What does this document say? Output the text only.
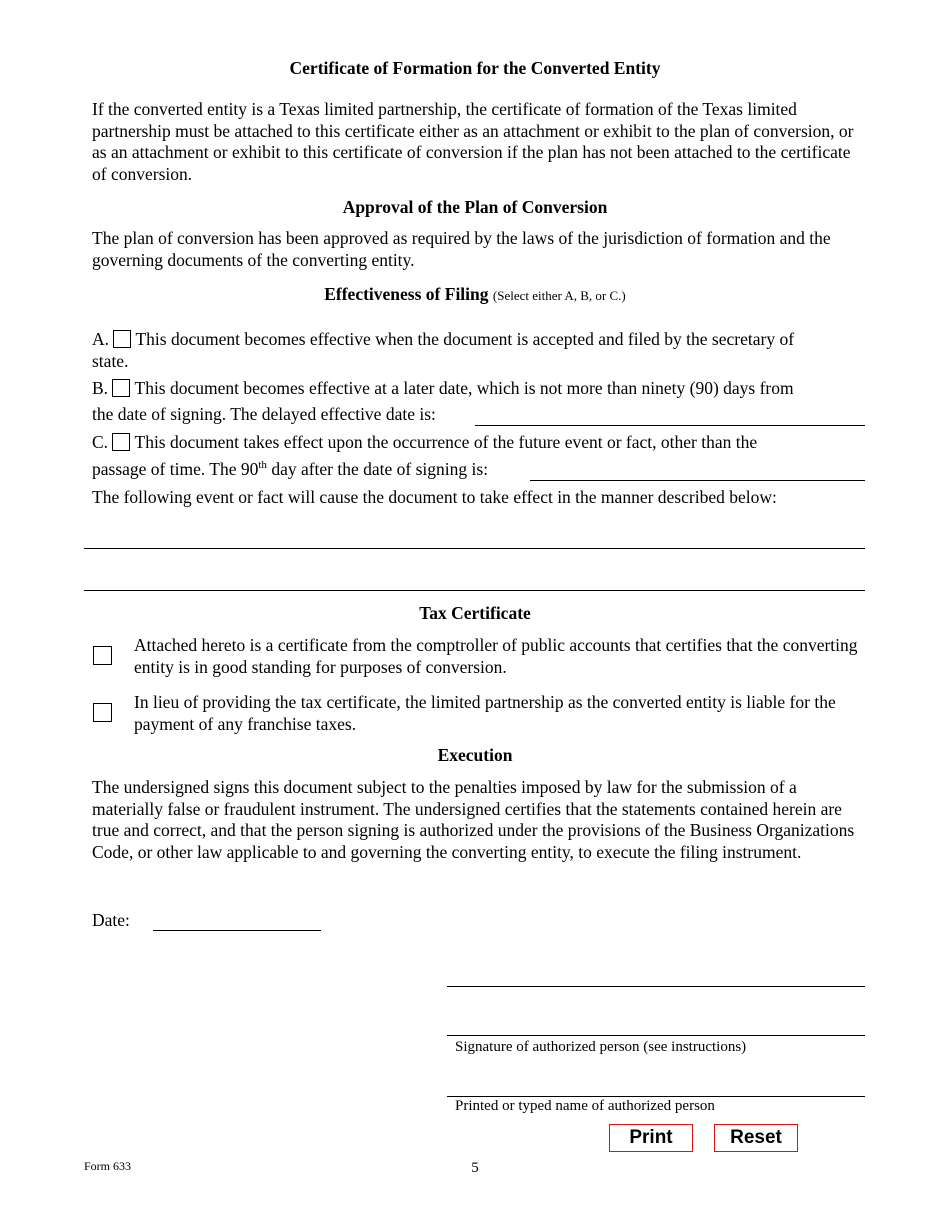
Certificate of Formation for the Converted Entity
If the converted entity is a Texas limited partnership, the certificate of formation of the Texas limited partnership must be attached to this certificate either as an attachment or exhibit to the plan of conversion, or as an attachment or exhibit to this certificate of conversion if the plan has not been attached to the certificate of conversion.
Approval of the Plan of Conversion
The plan of conversion has been approved as required by the laws of the jurisdiction of formation and the governing documents of the converting entity.
Effectiveness of Filing (Select either A, B, or C.)
A. This document becomes effective when the document is accepted and filed by the secretary of
state.
B. This document becomes effective at a later date, which is not more than ninety (90) days from
the date of signing. The delayed effective date is:
C. This document takes effect upon the occurrence of the future event or fact, other than the
passage of time. The 90th day after the date of signing is:
The following event or fact will cause the document to take effect in the manner described below:
Tax Certificate
Attached hereto is a certificate from the comptroller of public accounts that certifies that the converting entity is in good standing for purposes of conversion.
In lieu of providing the tax certificate, the limited partnership as the converted entity is liable for the payment of any franchise taxes.
Execution
The undersigned signs this document subject to the penalties imposed by law for the submission of a materially false or fraudulent instrument. The undersigned certifies that the statements contained herein are true and correct, and that the person signing is authorized under the provisions of the Business Organizations Code, or other law applicable to and governing the converting entity, to execute the filing instrument.
Date:
Signature of authorized person (see instructions)
Printed or typed name of authorized person
Print	Reset
Form 633	5
